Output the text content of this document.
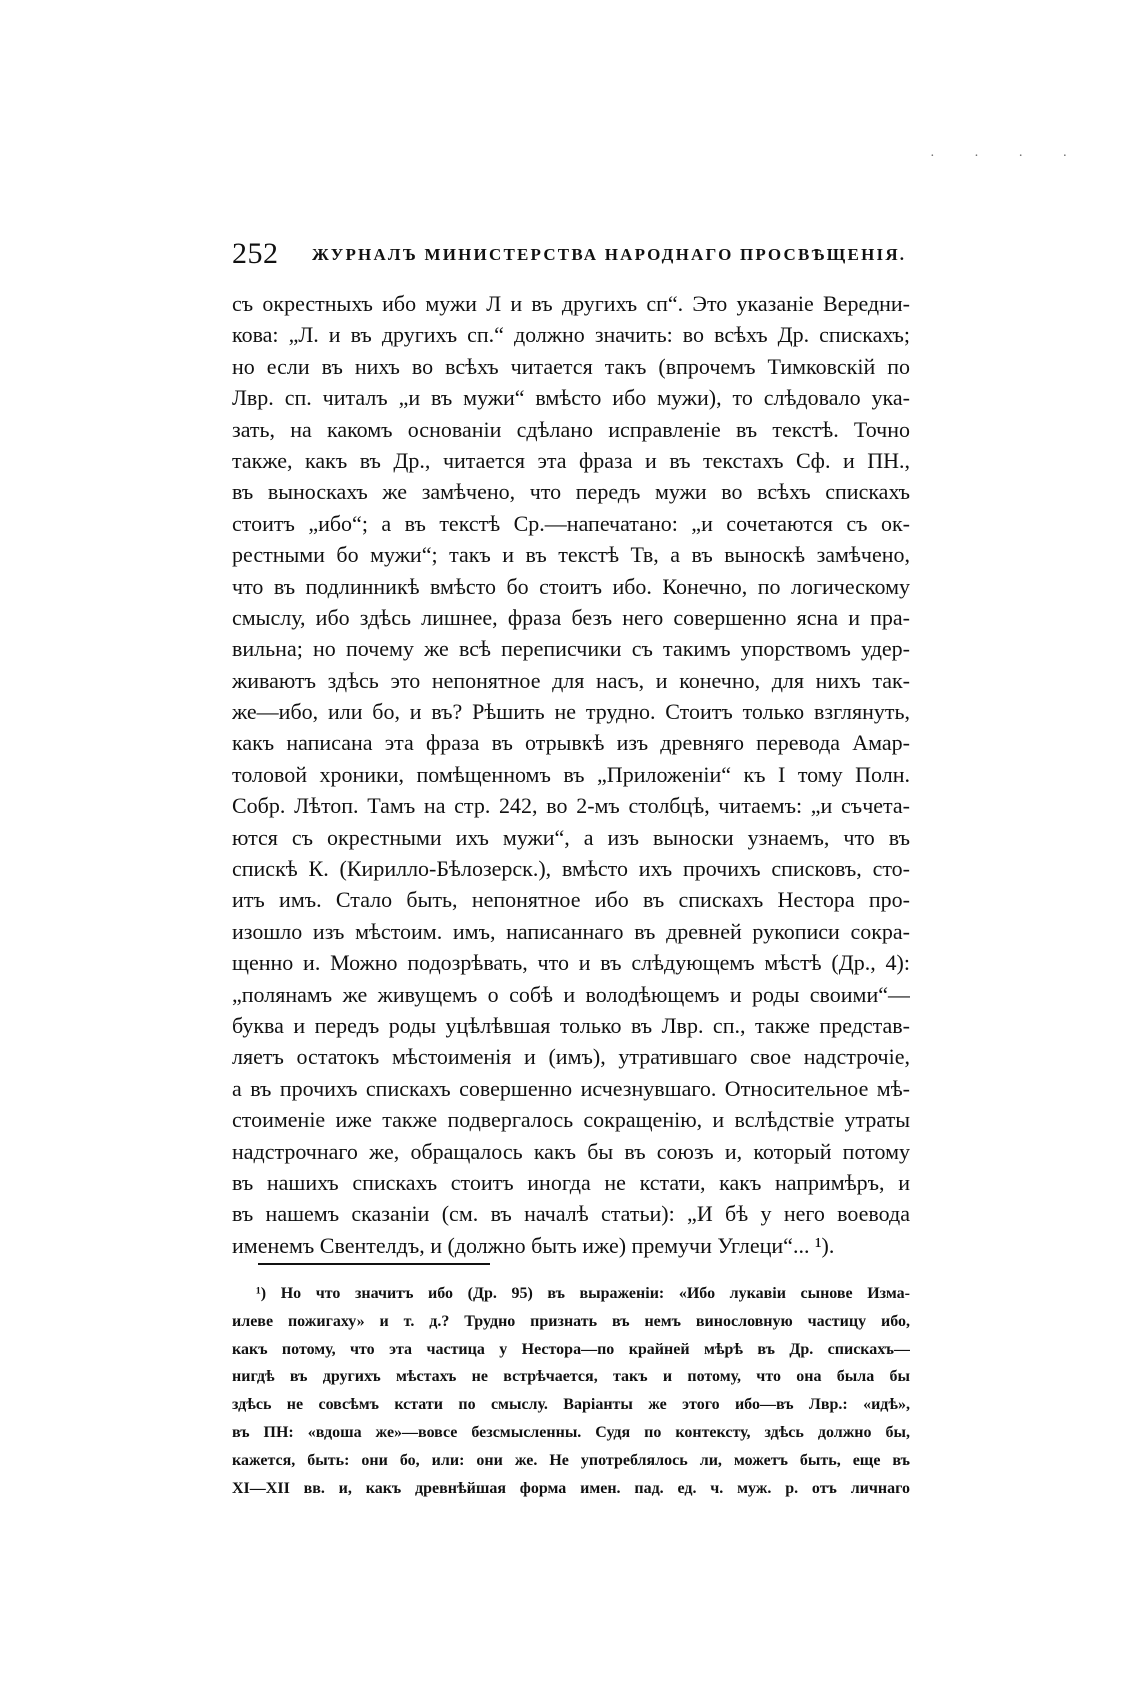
· · · ·
252 ЖУРНАЛЪ МИНИСТЕРСТВА НАРОДНАГО ПРОСВѢЩЕНІЯ.
съ окрестныхъ ибо мужи Л и въ другихъ сп“. Это указаніе Вередни-
кова: „Л. и въ другихъ сп.“ должно значить: во всѣхъ Др. спискахъ;
но если въ нихъ во всѣхъ читается такъ (впрочемъ Тимковскій по
Лвр. сп. читалъ „и въ мужи“ вмѣсто ибо мужи), то слѣдовало ука-
зать, на какомъ основаніи сдѣлано исправленіе въ текстѣ. Точно
также, какъ въ Др., читается эта фраза и въ текстахъ Сф. и ПН.,
въ выноскахъ же замѣчено, что передъ мужи во всѣхъ спискахъ
стоитъ „ибо“; а въ текстѣ Ср.—напечатано: „и сочетаются съ ок-
рестными бо мужи“; такъ и въ текстѣ Тв, а въ выноскѣ замѣчено,
что въ подлинникѣ вмѣсто бо стоитъ ибо. Конечно, по логическому
смыслу, ибо здѣсь лишнее, фраза безъ него совершенно ясна и пра-
вильна; но почему же всѣ переписчики съ такимъ упорствомъ удер-
живаютъ здѣсь это непонятное для насъ, и конечно, для нихъ так-
же—ибо, или бо, и въ? Рѣшить не трудно. Стоитъ только взглянуть,
какъ написана эта фраза въ отрывкѣ изъ древняго перевода Амар-
толовой хроники, помѣщенномъ въ „Приложеніи“ къ I тому Полн.
Собр. Лѣтоп. Тамъ на стр. 242, во 2-мъ столбцѣ, читаемъ: „и съчета-
ются съ окрестными ихъ мужи“, а изъ выноски узнаемъ, что въ
спискѣ К. (Кирилло-Бѣлозерск.), вмѣсто ихъ прочихъ списковъ, сто-
итъ имъ. Стало быть, непонятное ибо въ спискахъ Нестора про-
изошло изъ мѣстоим. имъ, написаннаго въ древней рукописи сокра-
щенно и. Можно подозрѣвать, что и въ слѣдующемъ мѣстѣ (Др., 4):
„полянамъ же живущемъ о собѣ и володѣющемъ и роды своими“—
буква и передъ роды уцѣлѣвшая только въ Лвр. сп., также представ-
ляетъ остатокъ мѣстоименія и (имъ), утратившаго свое надстрочіе,
а въ прочихъ спискахъ совершенно исчезнувшаго. Относительное мѣ-
стоименіе иже также подвергалось сокращенію, и вслѣдствіе утраты
надстрочнаго же, обращалось какъ бы въ союзъ и, который потому
въ нашихъ спискахъ стоитъ иногда не кстати, какъ напримѣръ, и
въ нашемъ сказаніи (см. въ началѣ статьи): „И бѣ у него воевода
именемъ Свентелдъ, и (должно быть иже) премучи Углеци“... ¹).
¹) Но что значитъ ибо (Др. 95) въ выраженіи: «Ибо лукавіи сынове Изма-
илеве пожигаху» и т. д.? Трудно признать въ немъ винословную частицу ибо,
какъ потому, что эта частица у Нестора—по крайней мѣрѣ въ Др. спискахъ—
нигдѣ въ другихъ мѣстахъ не встрѣчается, такъ и потому, что она была бы
здѣсь не совсѣмъ кстати по смыслу. Варіанты же этого ибо—въ Лвр.: «идѣ»,
въ ПН: «вдоша же»—вовсе безсмысленны. Судя по контексту, здѣсь должно бы,
кажется, быть: они бо, или: они же. Не употреблялось ли, можетъ быть, еще въ
XI—XII вв. и, какъ древнѣйшая форма имен. пад. ед. ч. муж. р. отъ личнаго
